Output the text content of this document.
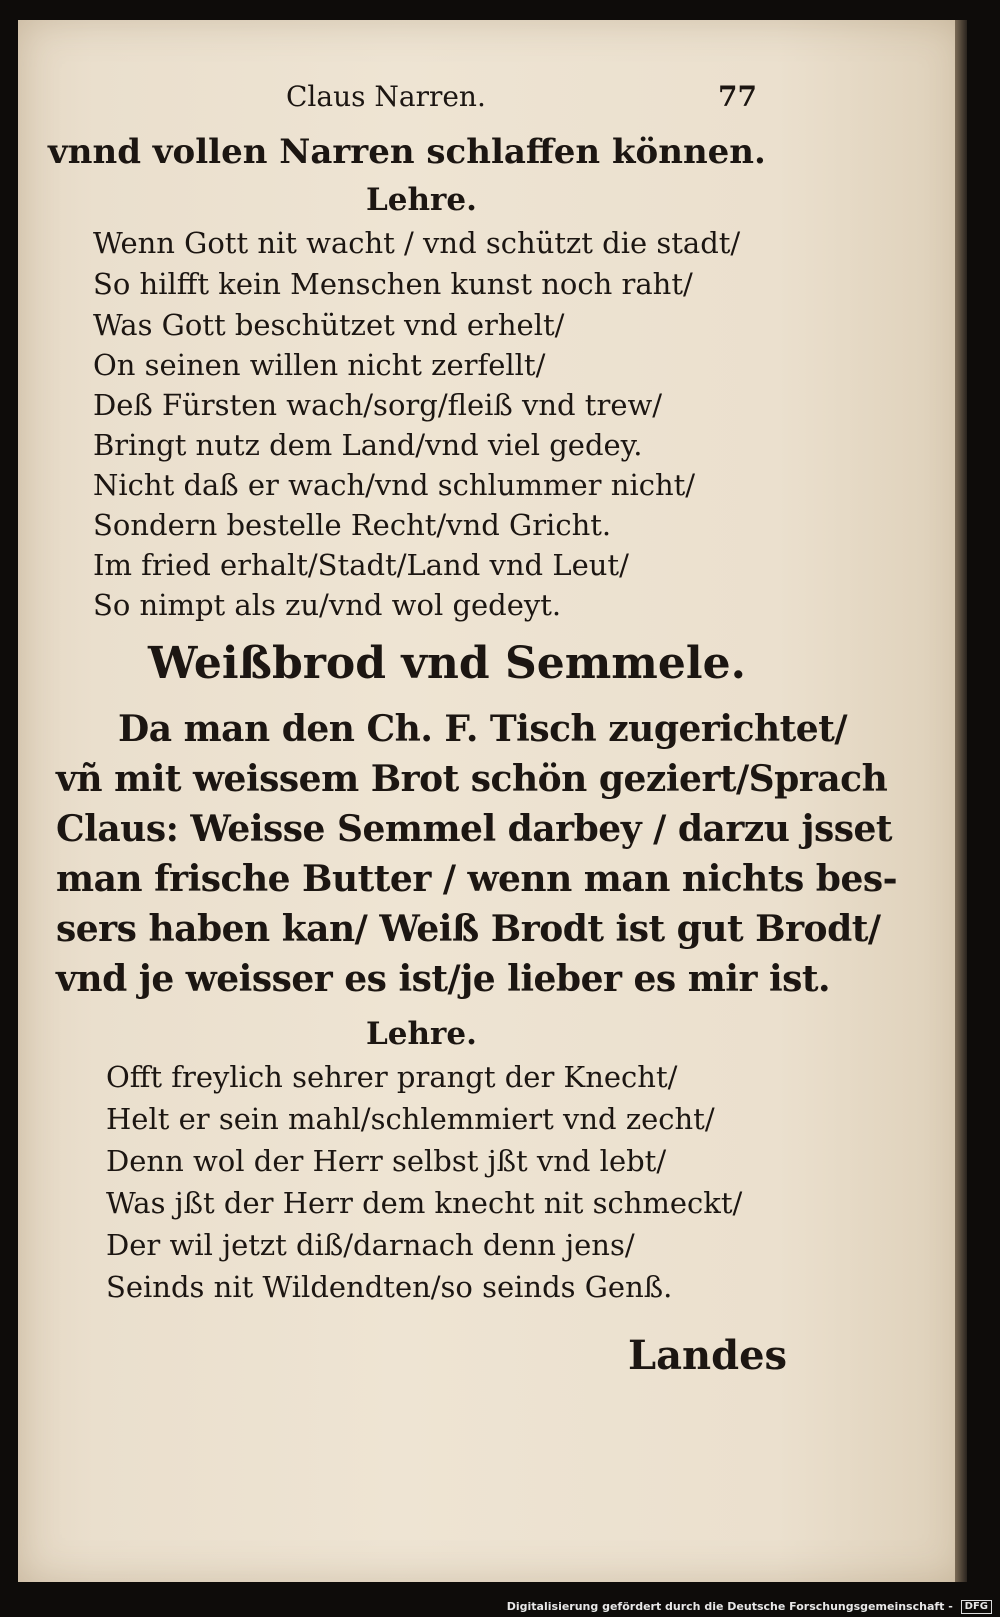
Claus Narren.	77
vnnd vollen Narren schlaffen können.
Lehre.
Wenn Gott nit wacht / vnd schützt die stadt/
So hilfft kein Menschen kunst noch raht/
Was Gott beschützet vnd erhelt/
On seinen willen nicht zerfellt/
Deß Fürsten wach/sorg/fleiß vnd trew/
Bringt nutz dem Land/vnd viel gedey.
Nicht daß er wach/vnd schlummer nicht/
Sondern bestelle Recht/vnd Gricht.
Im fried erhalt/Stadt/Land vnd Leut/
So nimpt als zu/vnd wol gedeyt.
Weißbrod vnd Semmele.
Da man den Ch. F. Tisch zugerichtet/
vñ mit weissem Brot schön geziert/Sprach
Claus: Weisse Semmel darbey / darzu jsset
man frische Butter / wenn man nichts bes-
sers haben kan/ Weiß Brodt ist gut Brodt/
vnd je weisser es ist/je lieber es mir ist.
Lehre.
Offt freylich sehrer prangt der Knecht/
Helt er sein mahl/schlemmiert vnd zecht/
Denn wol der Herr selbst jßt vnd lebt/
Was jßt der Herr dem knecht nit schmeckt/
Der wil jetzt diß/darnach denn jens/
Seinds nit Wildendten/so seinds Genß.
Landes
Digitalisierung gefördert durch die Deutsche Forschungsgemeinschaft - DFG
